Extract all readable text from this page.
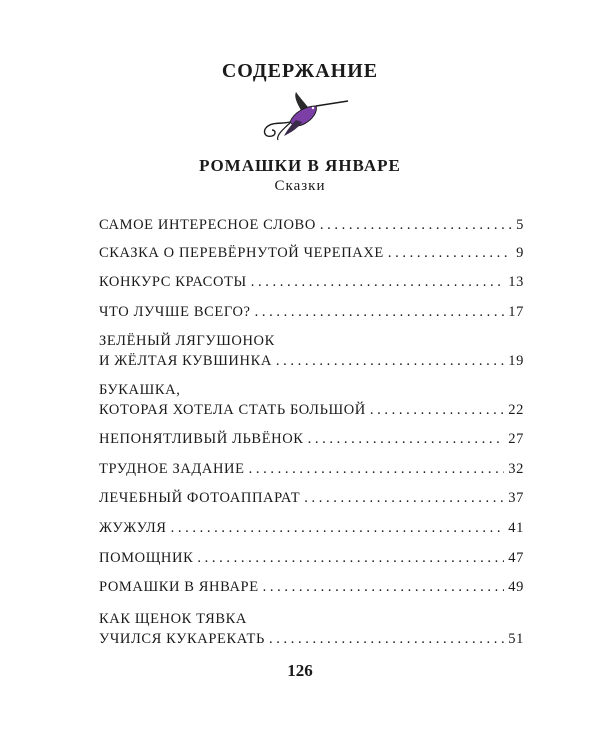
СОДЕРЖАНИЕ
РОМАШКИ В ЯНВАРЕ
Сказки
САМОЕ ИНТЕРЕСНОЕ СЛОВО . . .	5
СКАЗКА О ПЕРЕВЁРНУТОЙ ЧЕРЕПАХЕ . . .	9
КОНКУРС КРАСОТЫ . . .	13
ЧТО ЛУЧШЕ ВСЕГО? . . .	17
ЗЕЛЁНЫЙ ЛЯГУШОНОК
И ЖЁЛТАЯ КУВШИНКА . . .	19
БУКАШКА,
КОТОРАЯ ХОТЕЛА СТАТЬ БОЛЬШОЙ . . .	22
НЕПОНЯТЛИВЫЙ ЛЬВЁНОК . . .	27
ТРУДНОЕ ЗАДАНИЕ . . .	32
ЛЕЧЕБНЫЙ ФОТОАППАРАТ . . .	37
ЖУЖУЛЯ . . .	41
ПОМОЩНИК . . .	47
РОМАШКИ В ЯНВАРЕ . . .	49
КАК ЩЕНОК ТЯВКА
УЧИЛСЯ КУКАРЕКАТЬ . . .	51
126
